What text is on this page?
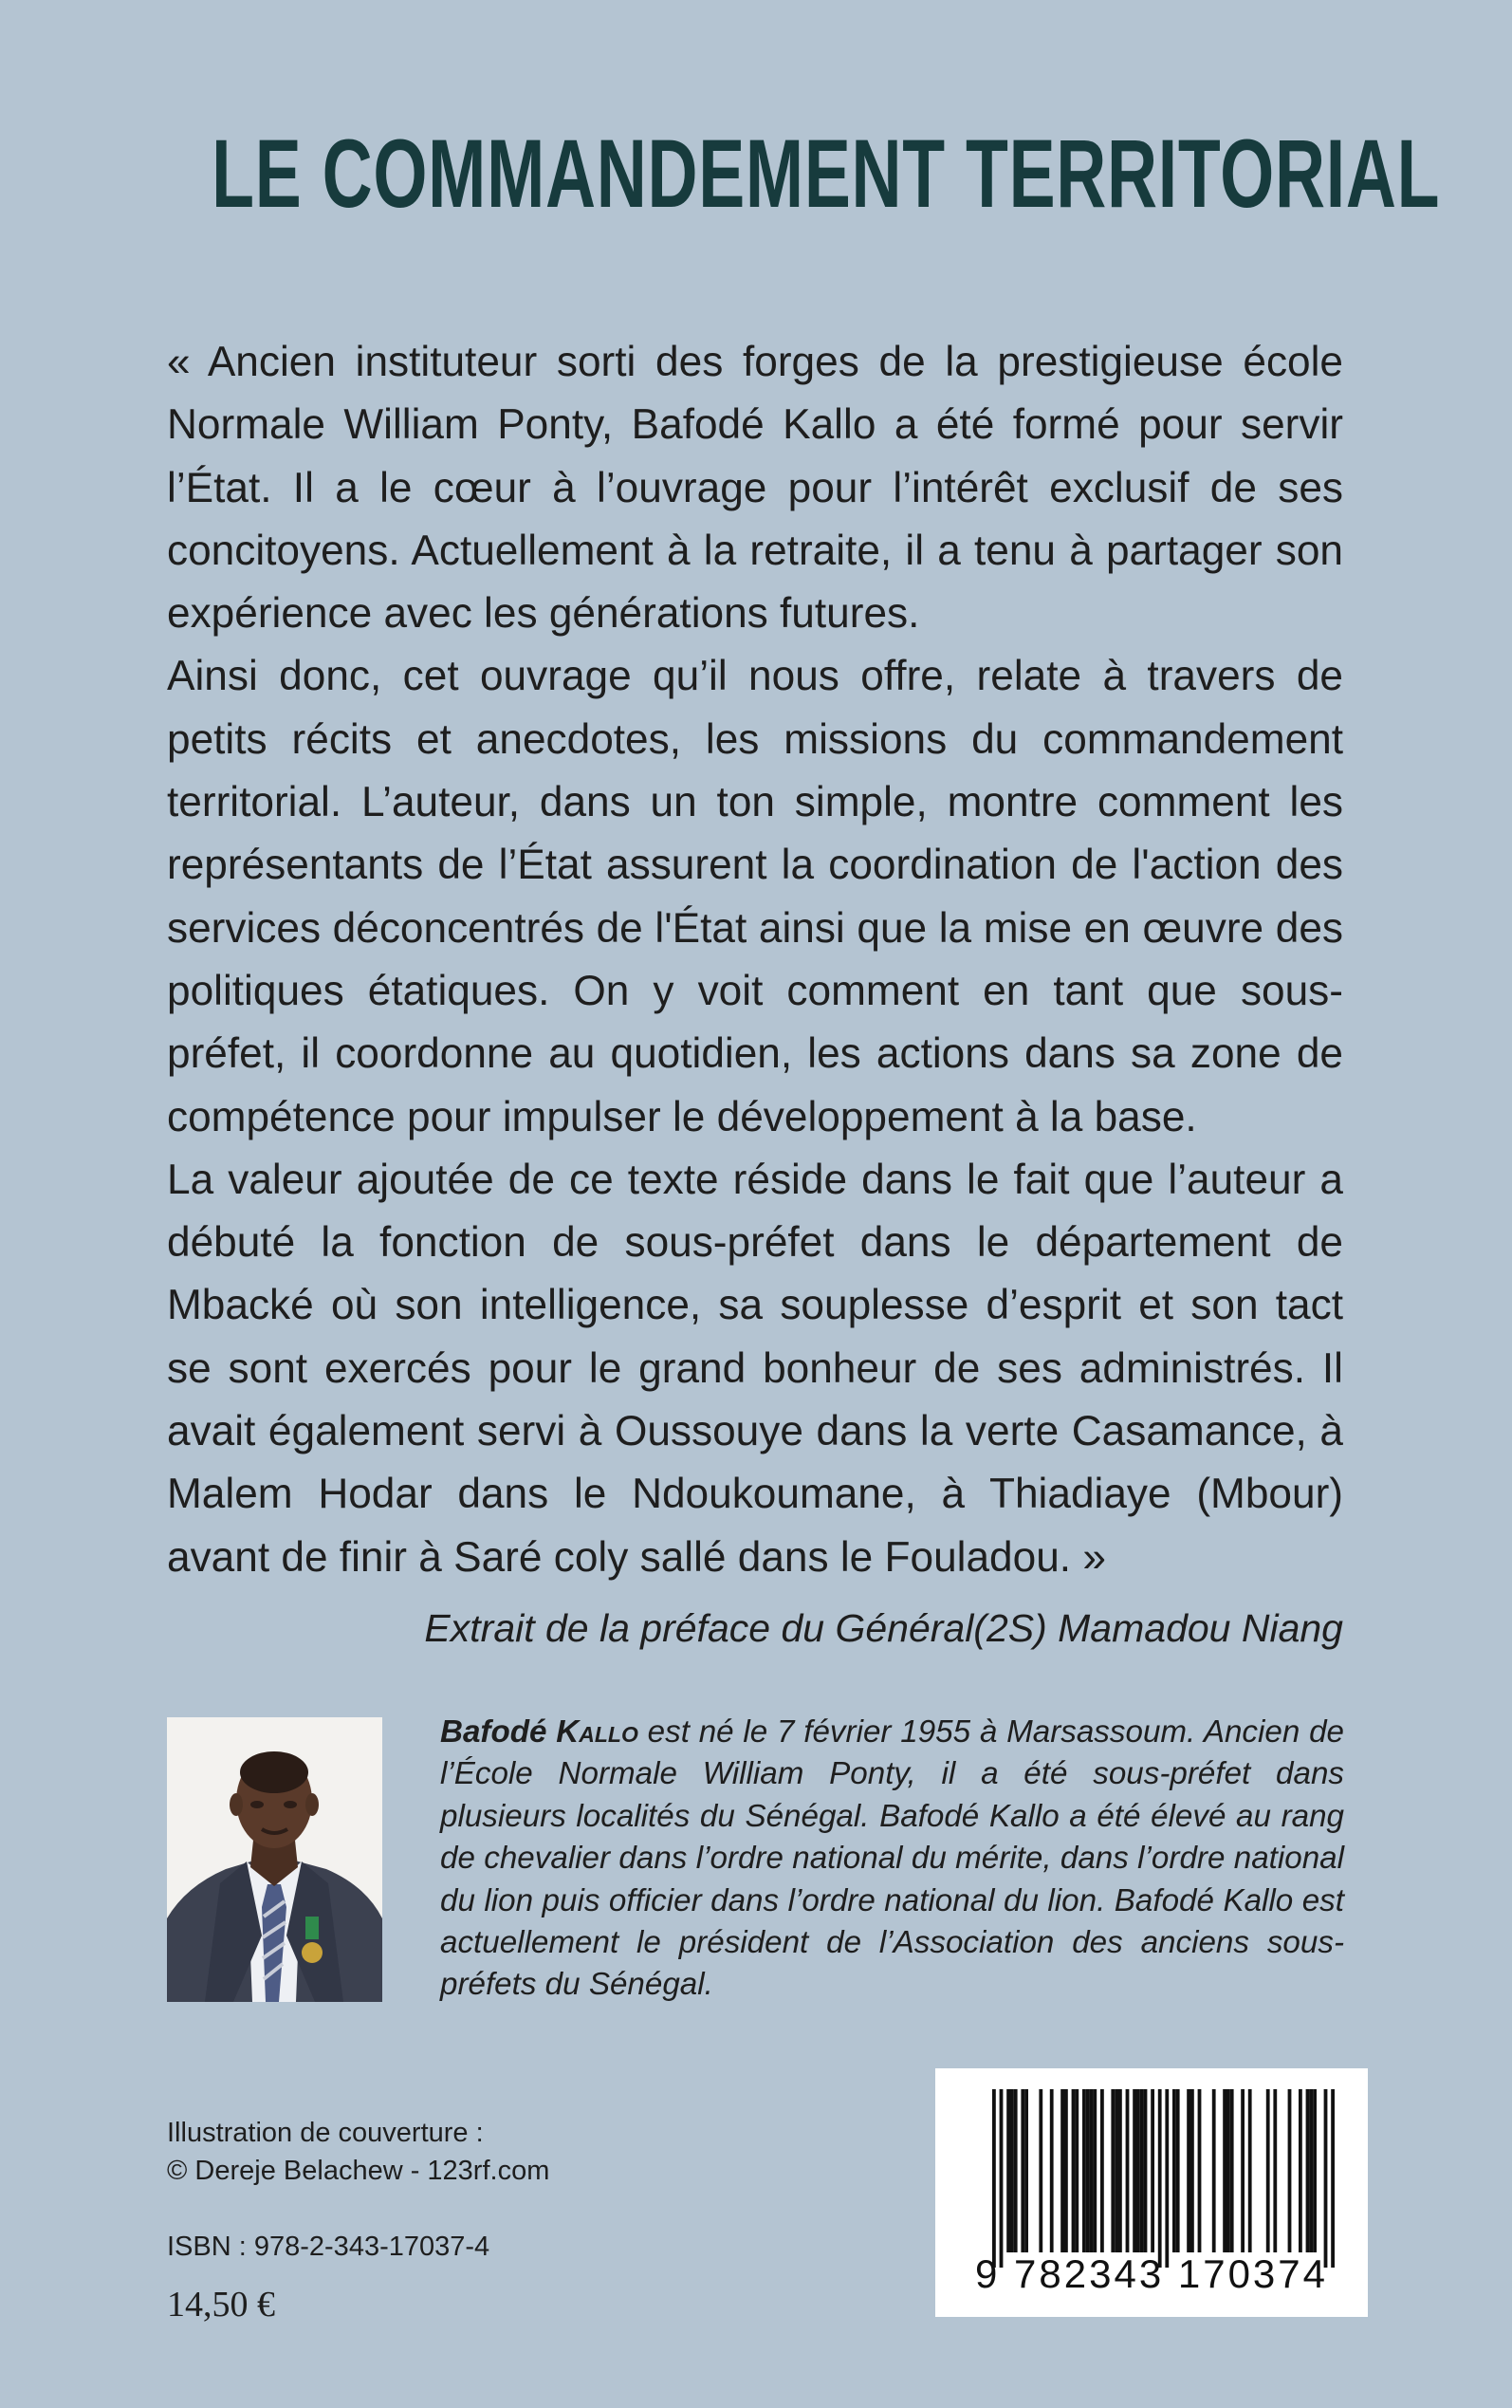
LE COMMANDEMENT TERRITORIAL

« Ancien instituteur sorti des forges de la prestigieuse école Normale William Ponty, Bafodé Kallo a été formé pour servir l’État. Il a le cœur à l’ouvrage pour l’intérêt exclusif de ses concitoyens. Actuellement à la retraite, il a tenu à partager son expérience avec les générations futures.

Ainsi donc, cet ouvrage qu’il nous offre, relate à travers de petits récits et anecdotes, les missions du commandement territorial. L’auteur, dans un ton simple, montre comment les représentants de l’État assurent la coordination de l'action des services déconcentrés de l'État ainsi que la mise en œuvre des politiques étatiques. On y voit comment en tant que sous-préfet, il coordonne au quotidien, les actions dans sa zone de compétence pour impulser le développement à la base.

La valeur ajoutée de ce texte réside dans le fait que l’auteur a débuté la fonction de sous-préfet dans le département de Mbacké où son intelligence, sa souplesse d’esprit et son tact se sont exercés pour le grand bonheur de ses administrés. Il avait également servi à Oussouye dans la verte Casamance, à Malem Hodar dans le Ndoukoumane, à Thiadiaye (Mbour) avant de finir à Saré coly sallé dans le Fouladou. »

Extrait de la préface du Général(2S) Mamadou Niang
Bafodé Kallo est né le 7 février 1955 à Marsassoum. Ancien de l’École Normale William Ponty, il a été sous-préfet dans plusieurs localités du Sénégal. Bafodé Kallo a été élevé au rang de chevalier dans l’ordre national du mérite, dans l’ordre national du lion puis officier dans l’ordre national du lion. Bafodé Kallo est actuellement le président de l’Association des anciens sous-préfets du Sénégal.
Illustration de couverture :
© Dereje Belachew - 123rf.com
ISBN : 978-2-343-17037-4
14,50 €
9 782343 170374
